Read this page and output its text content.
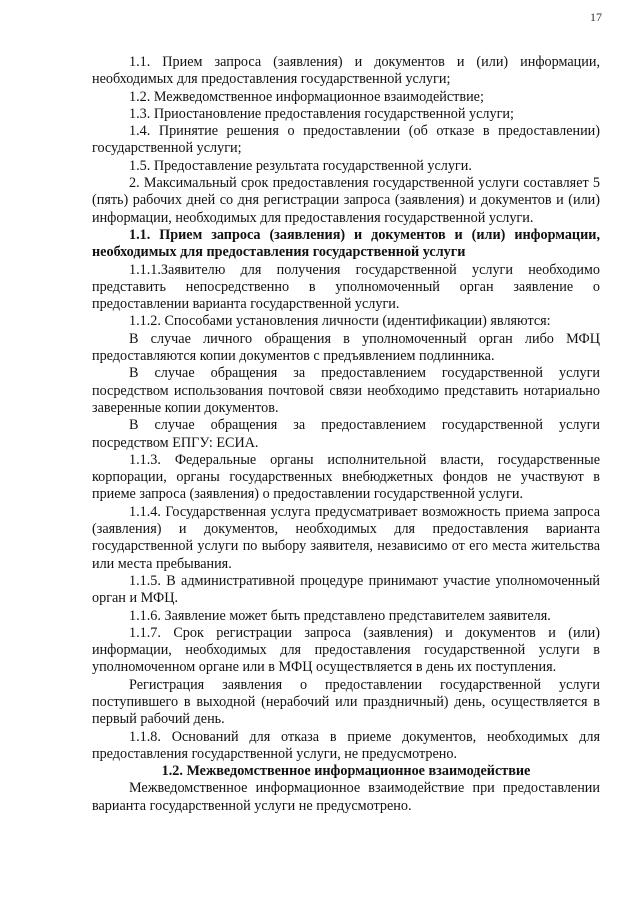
17

1.1. Прием запроса (заявления) и документов и (или) информации, необходимых для предоставления государственной услуги;

1.2. Межведомственное информационное взаимодействие;

1.3. Приостановление предоставления государственной услуги;

1.4. Принятие решения о предоставлении (об отказе в предоставлении) государственной услуги;

1.5. Предоставление результата государственной услуги.

2. Максимальный срок предоставления государственной услуги составляет 5 (пять) рабочих дней со дня регистрации запроса (заявления) и документов и (или) информации, необходимых для предоставления государственной услуги.

1.1. Прием запроса (заявления) и документов и (или) информации, необходимых для предоставления государственной услуги

1.1.1.Заявителю для получения государственной услуги необходимо представить непосредственно в уполномоченный орган заявление о предоставлении варианта государственной услуги.

1.1.2. Способами установления личности (идентификации) являются:

В случае личного обращения в уполномоченный орган либо МФЦ предоставляются копии документов с предъявлением подлинника.

В случае обращения за предоставлением государственной услуги посредством использования почтовой связи необходимо представить нотариально заверенные копии документов.

В случае обращения за предоставлением государственной услуги посредством ЕПГУ: ЕСИА.

1.1.3. Федеральные органы исполнительной власти, государственные корпорации, органы государственных внебюджетных фондов не участвуют в приеме запроса (заявления) о предоставлении государственной услуги.

1.1.4. Государственная услуга предусматривает возможность приема запроса (заявления) и документов, необходимых для предоставления варианта государственной услуги по выбору заявителя, независимо от его места жительства или места пребывания.

1.1.5. В административной процедуре принимают участие уполномоченный орган и МФЦ.

1.1.6. Заявление может быть представлено представителем заявителя.

1.1.7. Срок регистрации запроса (заявления) и документов и (или) информации, необходимых для предоставления государственной услуги в уполномоченном органе или в МФЦ осуществляется в день их поступления.

Регистрация заявления о предоставлении государственной услуги поступившего в выходной (нерабочий или праздничный) день, осуществляется в первый рабочий день.

1.1.8. Оснований для отказа в приеме документов, необходимых для предоставления государственной услуги, не предусмотрено.

1.2. Межведомственное информационное взаимодействие

Межведомственное информационное взаимодействие при предоставлении варианта государственной услуги не предусмотрено.
